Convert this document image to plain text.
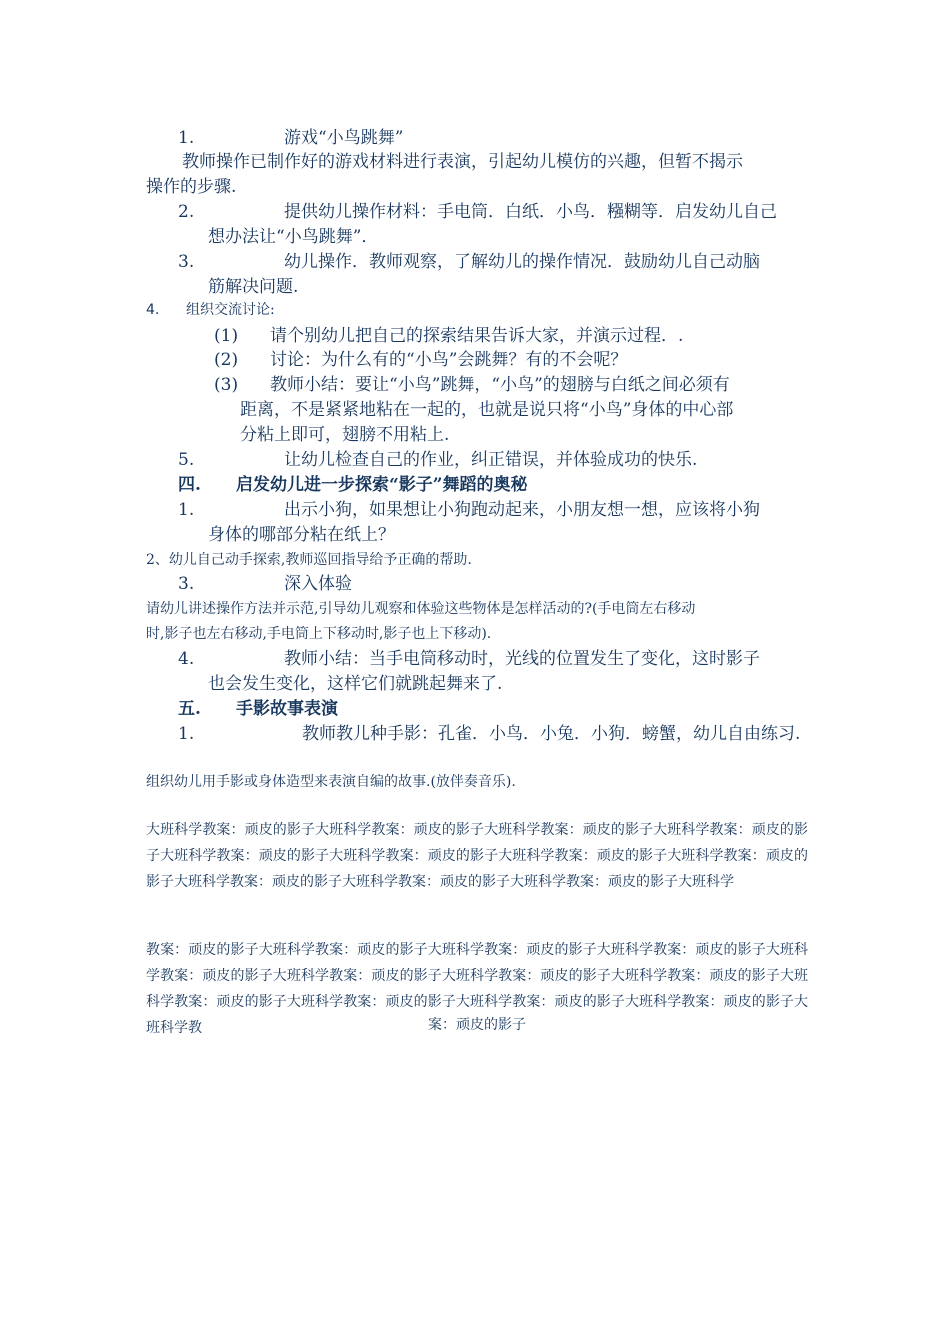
1.	游戏“小鸟跳舞”
教师操作已制作好的游戏材料进行表演，引起幼儿模仿的兴趣，但暂不揭示
操作的步骤.
2.	提供幼儿操作材料：手电筒．白纸．小鸟．糨糊等．启发幼儿自己
想办法让“小鸟跳舞”．
3.	幼儿操作．教师观察，了解幼儿的操作情况．鼓励幼儿自己动脑
筋解决问题.
4. 组织交流讨论:
(1) 请个别幼儿把自己的探索结果告诉大家，并演示过程．.
(2) 讨论：为什么有的“小鸟”会跳舞？有的不会呢？
(3) 教师小结：要让“小鸟”跳舞，“小鸟”的翅膀与白纸之间必须有
距离，不是紧紧地粘在一起的，也就是说只将“小鸟”身体的中心部
分粘上即可，翅膀不用粘上.
5.	让幼儿检查自己的作业，纠正错误，并体验成功的快乐.
四. 启发幼儿进一步探索“影子”舞蹈的奥秘
1.	出示小狗，如果想让小狗跑动起来，小朋友想一想，应该将小狗
身体的哪部分粘在纸上？
2、幼儿自己动手探索,教师巡回指导给予正确的帮助.
3.	深入体验
请幼儿讲述操作方法并示范,引导幼儿观察和体验这些物体是怎样活动的?(手电筒左右移动
时,影子也左右移动,手电筒上下移动时,影子也上下移动).
4.	教师小结：当手电筒移动时，光线的位置发生了变化，这时影子
也会发生变化，这样它们就跳起舞来了.
五. 手影故事表演
1.	教师教儿种手影：孔雀．小鸟．小兔．小狗．螃蟹，幼儿自由练习.
组织幼儿用手影或身体造型来表演自编的故事.(放伴奏音乐).
大班科学教案：顽皮的影子大班科学教案：顽皮的影子大班科学教案：顽皮的影子大班科学教案：顽皮的影子大班科学教案：顽皮的影子大班科学教案：顽皮的影子大班科学教案：顽皮的影子大班科学教案：顽皮的影子大班科学教案：顽皮的影子大班科学教案：顽皮的影子大班科学教案：顽皮的影子大班科学
教案：顽皮的影子大班科学教案：顽皮的影子大班科学教案：顽皮的影子大班科学教案：顽皮的影子大班科学教案：顽皮的影子大班科学教案：顽皮的影子大班科学教案：顽皮的影子大班科学教案：顽皮的影子大班科学教案：顽皮的影子大班科学教案：顽皮的影子大班科学教案：顽皮的影子大班科学教案：顽皮的影子大班科学教	案：顽皮的影子
